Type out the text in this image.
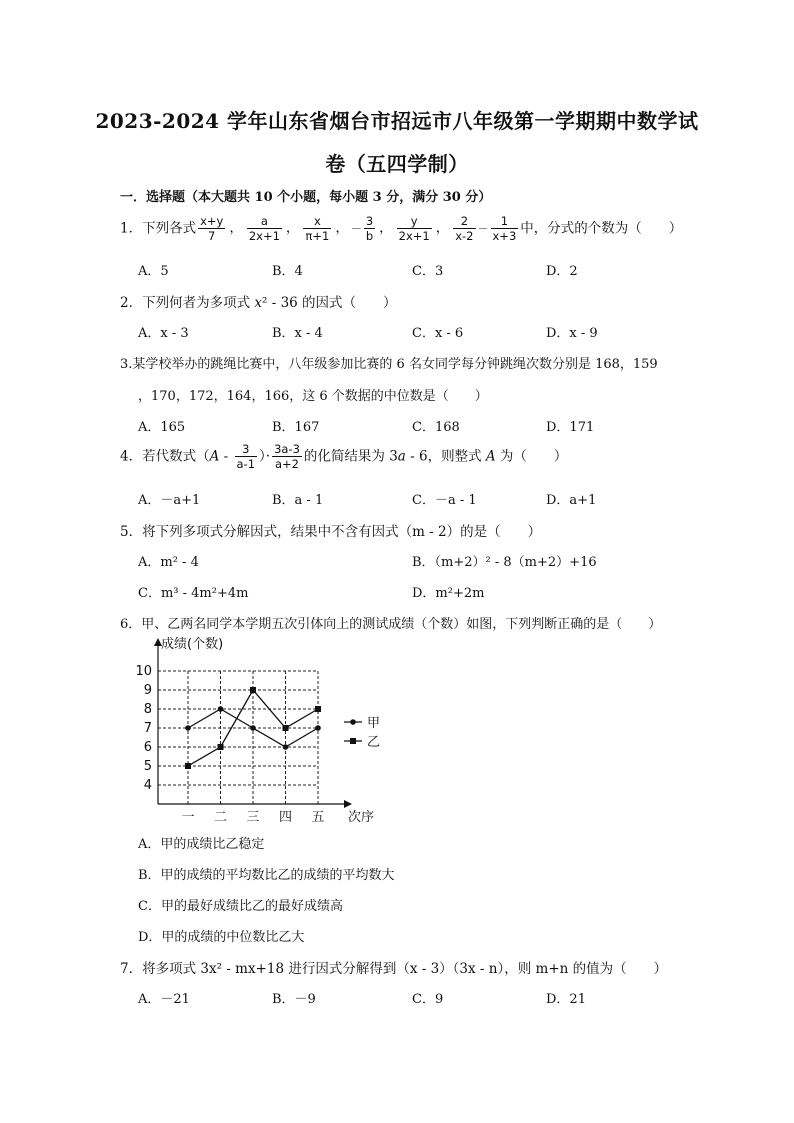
2023-2024 学年山东省烟台市招远市八年级第一学期期中数学试
卷（五四学制）
一．选择题（本大题共 10 个小题，每小题 3 分，满分 30 分）
1．下列各式 $\frac{x+y}{7}$ ， $\frac{a}{2x+1}$ ， $\frac{x}{\pi+1}$ ， － $\frac{3}{b}$ ， $\frac{y}{2x+1}$ ， $\frac{2}{x-2} - \frac{1}{x+3}$ 中，分式的个数为（　　）
A．5	B．4	C．3	D．2
2．下列何者为多项式 x² - 36 的因式（　　）
A．x - 3	B．x - 4	C．x - 6	D．x - 9
3.某学校举办的跳绳比赛中，八年级参加比赛的 6 名女同学每分钟跳绳次数分别是 168，159
，170，172，164，166，这 6 个数据的中位数是（　　）
A．165	B．167	C．168	D．171
4．若代数式（$A - \frac{3}{a-1}$ ）· $\frac{3a-3}{a+2}$ 的化简结果为 3a - 6，则整式 A 为（　　）
A．－a+1	B．a - 1	C．－a - 1	D．a+1
5．将下列多项式分解因式，结果中不含有因式（m - 2）的是（　　）
A．m² - 4	B．（m+2）² - 8（m+2）+16
C．m³ - 4m²+4m	D．m²+2m
6．甲、乙两名同学本学期五次引体向上的测试成绩（个数）如图，下列判断正确的是（　　）
4
5
6
7
8
9
10
一 二 三 四 五
甲
乙
成绩(个数)
次序
A．甲的成绩比乙稳定
B．甲的成绩的平均数比乙的成绩的平均数大
C．甲的最好成绩比乙的最好成绩高
D．甲的成绩的中位数比乙大
7．将多项式 3x² - mx+18 进行因式分解得到（x - 3）（3x - n），则 m+n 的值为（　　）
A．－21	B．－9	C．9	D．21
